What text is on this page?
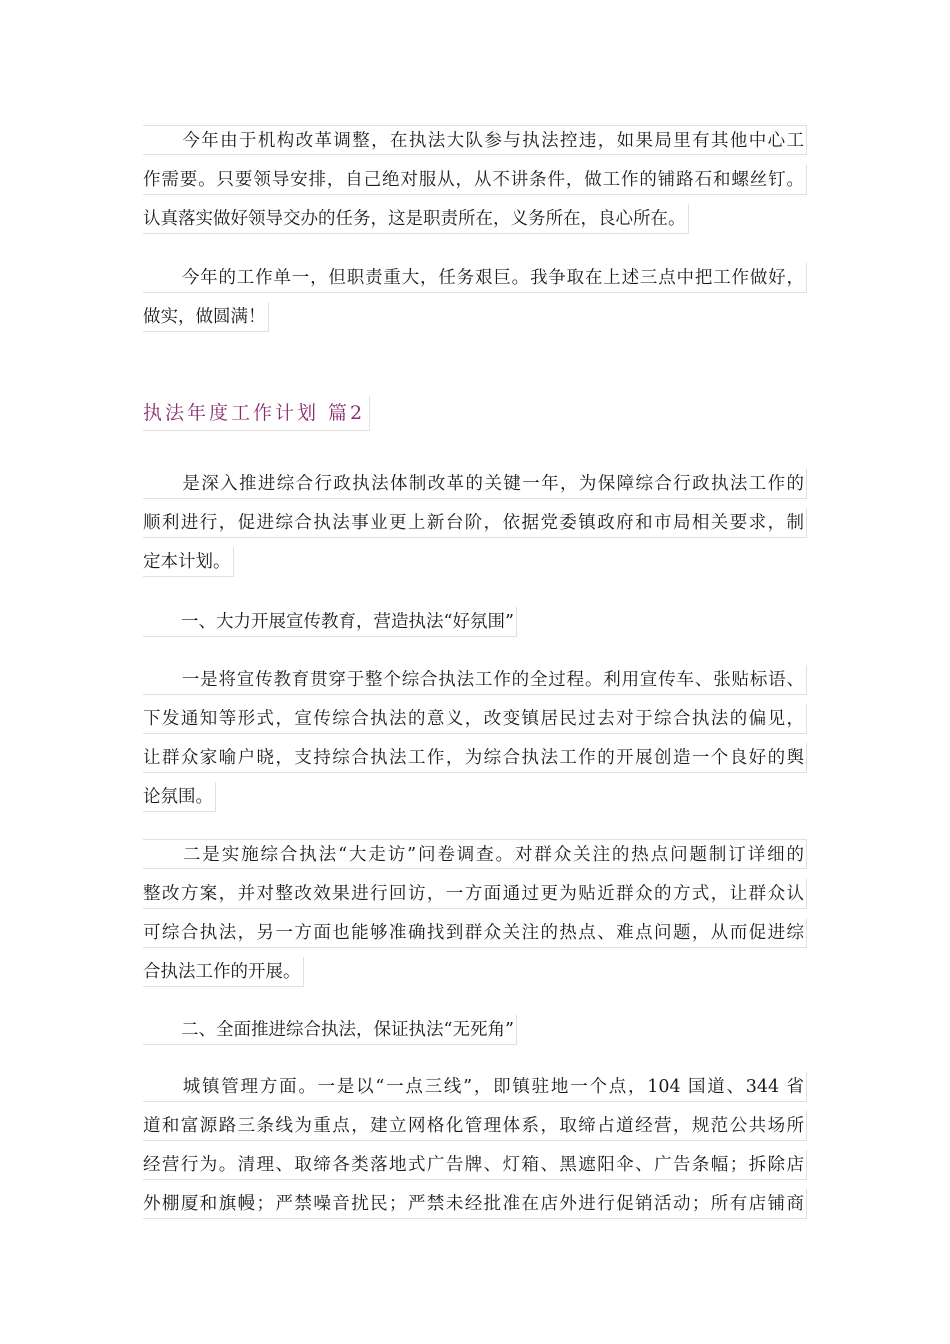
今年由于机构改革调整，在执法大队参与执法控违，如果局里有其他中心工
作需要。只要领导安排，自己绝对服从，从不讲条件，做工作的铺路石和螺丝钉。
认真落实做好领导交办的任务，这是职责所在，义务所在，良心所在。
今年的工作单一，但职责重大，任务艰巨。我争取在上述三点中把工作做好，
做实，做圆满！
执法年度工作计划 篇2
是深入推进综合行政执法体制改革的关键一年，为保障综合行政执法工作的
顺利进行，促进综合执法事业更上新台阶，依据党委镇政府和市局相关要求，制
定本计划。
一、大力开展宣传教育，营造执法“好氛围”
一是将宣传教育贯穿于整个综合执法工作的全过程。利用宣传车、张贴标语、
下发通知等形式，宣传综合执法的意义，改变镇居民过去对于综合执法的偏见，
让群众家喻户晓，支持综合执法工作，为综合执法工作的开展创造一个良好的舆
论氛围。
二是实施综合执法“大走访”问卷调查。对群众关注的热点问题制订详细的
整改方案，并对整改效果进行回访，一方面通过更为贴近群众的方式，让群众认
可综合执法，另一方面也能够准确找到群众关注的热点、难点问题，从而促进综
合执法工作的开展。
二、全面推进综合执法，保证执法“无死角”
城镇管理方面。一是以“一点三线”，即镇驻地一个点，104 国道、344 省
道和富源路三条线为重点，建立网格化管理体系，取缔占道经营，规范公共场所
经营行为。清理、取缔各类落地式广告牌、灯箱、黑遮阳伞、广告条幅；拆除店
外棚厦和旗幔；严禁噪音扰民；严禁未经批准在店外进行促销活动；所有店铺商
